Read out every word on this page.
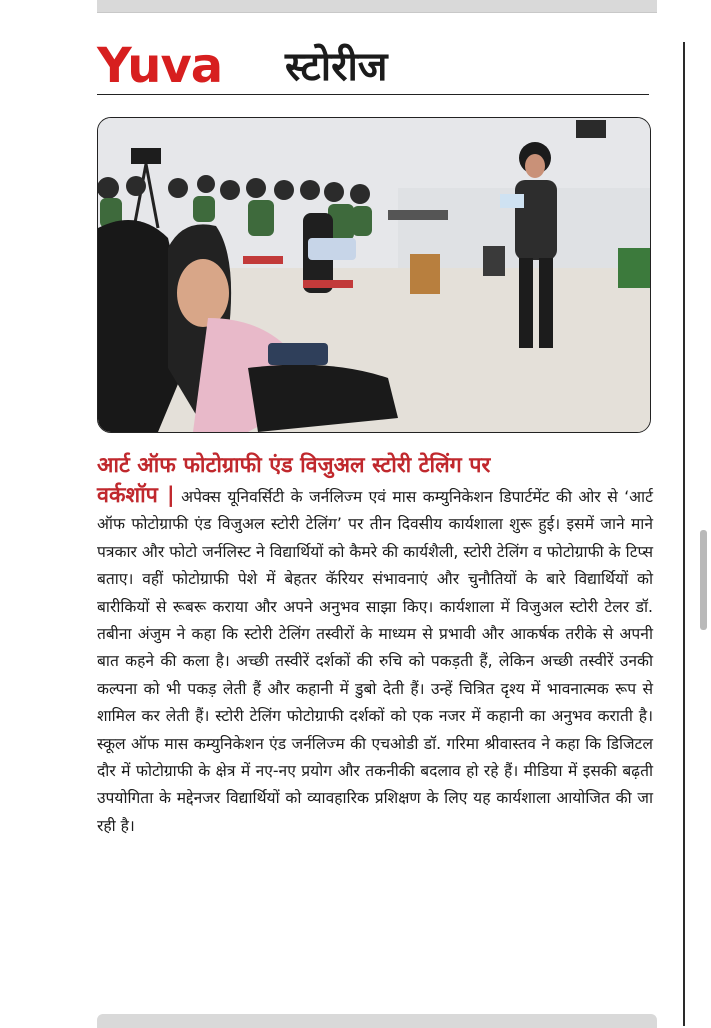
Yuva स्टोरीज
आर्ट ऑफ फोटोग्राफी एंड विजुअल स्टोरी टेलिंग पर
वर्कशॉप | अपेक्स यूनिवर्सिटी के जर्नलिज्म एवं मास कम्युनिकेशन डिपार्टमेंट की ओर से ‘आर्ट ऑफ फोटोग्राफी एंड विजुअल स्टोरी टेलिंग’ पर तीन दिवसीय कार्यशाला शुरू हुई। इसमें जाने माने पत्रकार और फोटो जर्नलिस्ट ने विद्यार्थियों को कैमरे की कार्यशैली, स्टोरी टेलिंग व फोटोग्राफी के टिप्स बताए। वहीं फोटोग्राफी पेशे में बेहतर कॅरियर संभावनाएं और चुनौतियों के बारे विद्यार्थियों को बारीकियों से रूबरू कराया और अपने अनुभव साझा किए। कार्यशाला में विजुअल स्टोरी टेलर डॉ. तबीना अंजुम ने कहा कि स्टोरी टेलिंग तस्वीरों के माध्यम से प्रभावी और आकर्षक तरीके से अपनी बात कहने की कला है। अच्छी तस्वीरें दर्शकों की रुचि को पकड़ती हैं, लेकिन अच्छी तस्वीरें उनकी कल्पना को भी पकड़ लेती हैं और कहानी में डुबो देती हैं। उन्हें चित्रित दृश्य में भावनात्मक रूप से शामिल कर लेती हैं। स्टोरी टेलिंग फोटोग्राफी दर्शकों को एक नजर में कहानी का अनुभव कराती है। स्कूल ऑफ मास कम्युनिकेशन एंड जर्नलिज्म की एचओडी डॉ. गरिमा श्रीवास्तव ने कहा कि डिजिटल दौर में फोटोग्राफी के क्षेत्र में नए-नए प्रयोग और तकनीकी बदलाव हो रहे हैं। मीडिया में इसकी बढ़ती उपयोगिता के मद्देनजर विद्यार्थियों को व्यावहारिक प्रशिक्षण के लिए यह कार्यशाला आयोजित की जा रही है।
